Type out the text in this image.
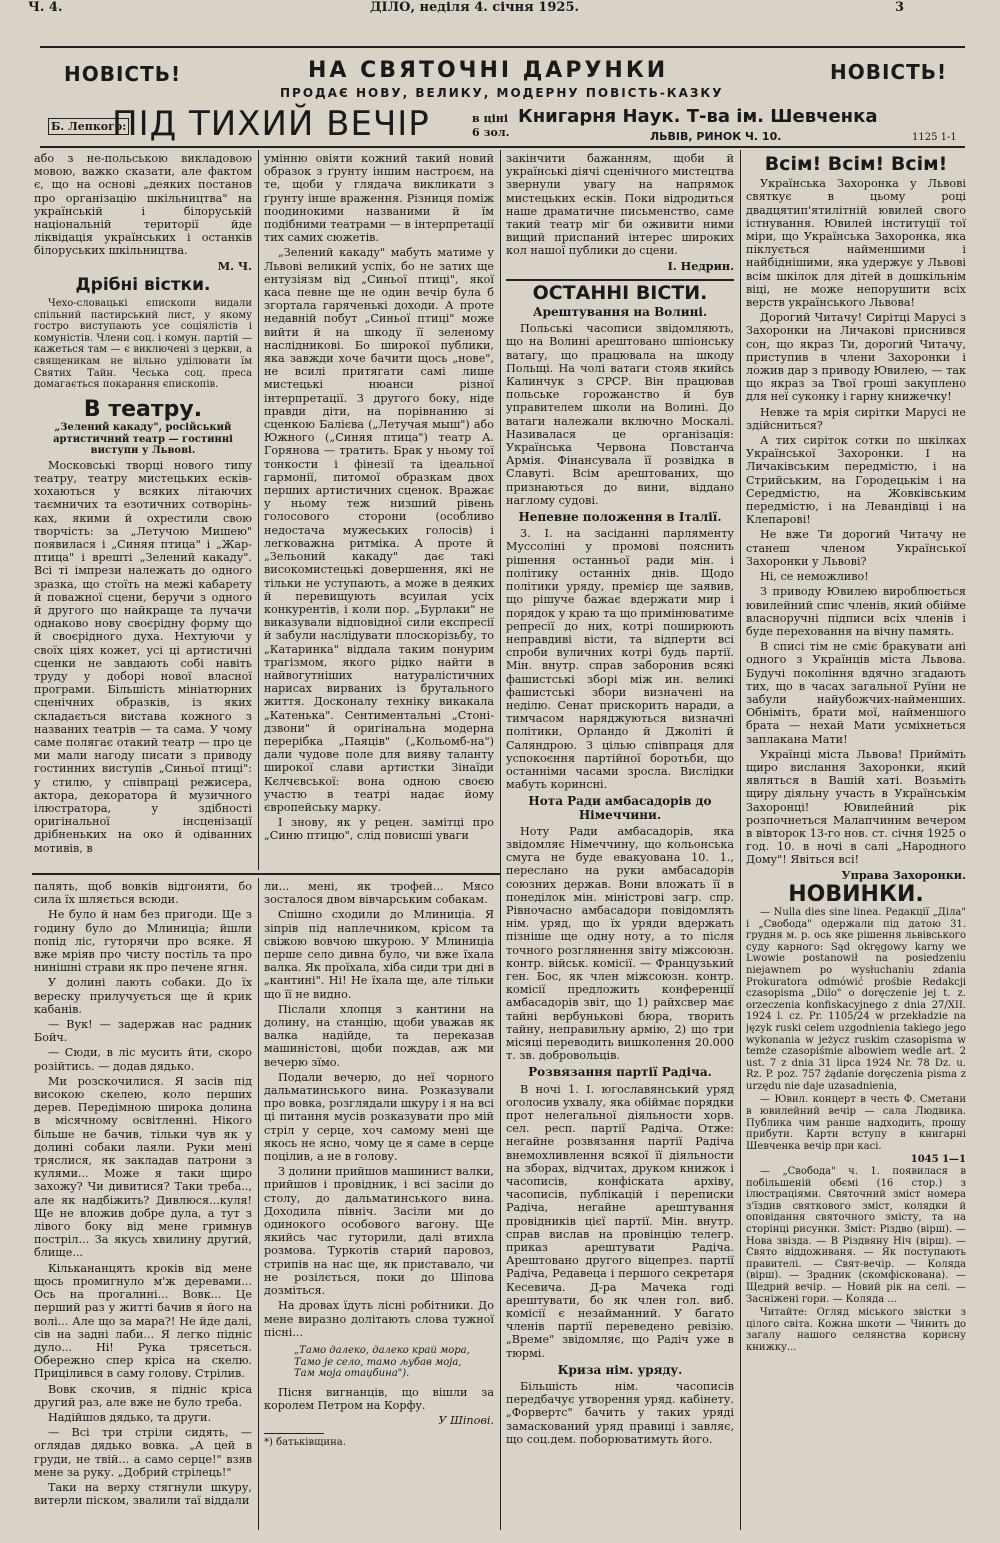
Ч. 4.	ДІЛО, неділя 4. січня 1925.	3
НОВІСТЬ!	НОВІСТЬ!
НА СВЯТОЧНІ ДАРУНКИ
ПРОДАЄ НОВУ, ВЕЛИКУ, МОДЕРНУ ПОВІСТЬ-КАЗКУ
Б. Лепкого:
ПІД ТИХИЙ ВЕЧІР	в ціні
6 зол.
Книгарня Наук. Т-ва ім. Шевченка
ЛЬВІВ, РИНОК Ч. 10.	1125 1-1

або з не-польською викладовою мовою, важко сказати, але фактом є, що на основі „деяких постанов про організацію шкільництва" на українській і білоруській національній території йде ліквідація українських і останків білоруських шкільництва.

М. Ч.
Дрібні вістки.

Чехо-словацькі єпископи видали спільний пастирський лист, у якому гостро виступають усе соціялістів і комуністів. Члени соц. і комун. партій — кажеться там — є виключені з церкви, а священикам не вільно уділювати їм Святих Тайн. Чеська соц. преса домагається покарання єпископів.

В театру.

„Зелений какаду", російський артистичний театр — гостинні виступи у Львові.

Московські творці нового типу театру, театру мистецьких есків-хохаються у всяких літаючих таємничих та езотичних сотворінь-ках, якими й охрестили свою творчість: за „Летучою Мишею" появилася і „Синяя птица" і „Жар-птица" і врешті „Зелений какаду". Всі ті імпрези належать до одного зразка, що стоїть на межі кабарету й поважної сцени, беручи з одного й другого що найкраще та лучачи однаково нову своєрідну форму що й своєрідного духа. Нехтуючи у своїх ціях кожет, усі ці артистичні сценки не завдають собі навіть труду у доборі нової власної програми. Більшість мініатюрних сценічних образків, із яких складається вистава кожного з названих театрів — та сама. У чому саме полягає отакий театр — про це ми мали нагоду писати з приводу гостинних виступів „Синьої птиці": у стилю, у співпраці режисера, актора, декоратора й музичного ілюстратора, у здібності оригінальної інсценізації дрібненьких на око й одіванних мотивів, в

умінню овіяти кожний такий новий образок з ґрунту іншим настроєм, на те, щоби у глядача викликати з ґрунту інше враження. Різниця поміж поодинокими названими й їм подібними театрами — в інтерпретації тих самих сюжетів.

„Зелений какаду" мабуть матиме у Львові великий успіх, бо не затих ще ентузіязм від „Синьої птиці", якої каса певне ще не один вечір була б згортала гаряченькі доходи. А проте недавній побут „Синьої птиці" може вийти й на шкоду її зеленому наслідникові. Бо широкої публики, яка завжди хоче бачити щось „нове", не всилі притягати самі лише мистецькі нюанси різної інтерпретації. З другого боку, ніде правди діти, на порівнанню зі сценкою Балієва („Летучая мыш") або Южного („Синяя птица") театр А. Горянова — тратить. Брак у ньому тої тонкости і фінезії та ідеальної гармонії, питомої образкам двох перших артистичних сценок. Вражає у ньому теж низший рівень голосового сторони (особливо недостача мужеських голосів) і легковажна ритміка. А проте й „Зельоний какаду" дає такі високомистецькі довершення, які не тільки не уступають, а може в деяких й перевищують всуилая усіх конкурентів, і коли пор. „Бурлаки" не виказували відповідної сили експресії й забули наслідувати плоскорізьбу, то „Катаринка" віддала таким понурим трагізмом, якого рідко найти в найвогутніших натуралістичних нарисах вирваних із брутального життя. Досконалу техніку викакала „Катенька". Сентиментальні „Стоні-дзвони" й оригінальна модерна перерібка „Паяців" („Кольомб-на") дали чудове поле для вияву таланту широкої слави артистки Зінаїди Кєлчєвської: вона одною своєю участю в театрі надає йому європейську марку.

І знову, як у рецен. замітці про „Синю птицю", слід повисші уваги

закінчити бажанням, щоби й українські діячі сценічного мистецтва звернули увагу на напрямок мистецьких есків. Поки відродиться наше драматичне письменство, саме такий театр міг би оживити ними вищий приспаний інтерес широких кол нашої публики до сцени.

І. Недрин.
ОСТАННІ ВІСТИ.
Арештування на Волині.

Польські часописи звідомляють, що на Волині арештовано шпіонську ватагу, що працювала на шкоду Польщі. На чолі ватаги стояв якийсь Калинчук з СРСР. Він працював польське горожанство й був управителем школи на Волині. До ватаги належали включно Москалі. Називалася це організація: Українська Червона Повстанча Армія. Фінансувала її розвідка в Славуті. Всім арештованих, що признаються до вини, віддано наглому судові.

Непевне положення в Італії.

3. І. на засіданні парляменту Муссоліні у промові пояснить рішення останньої ради мін. і політику останніх днів. Щодо політики уряду, премієр ще заявив, що рішуче бажає вдержати мир і порядок у краю та що примінюватиме репресії до них, котрі поширюють неправдиві вісти, та відперти всі спроби вуличних котрі будь партії. Мін. внутр. справ заборонив всякі фашистські зборі між ин. великі фашистські збори визначені на неділю. Сенат прискорить наради, а тимчасом наряджуються визначні політики, Орландо й Джоліті й Саляндрою. З цілью співпраця для успокоєння партійної боротьби, що останніми часами зросла. Вислідки мабуть коринсні.

Нота Ради амбасадорів до Німеччини.

Ноту Ради амбасадорів, яка звідомляє Німеччину, що кольонська смуга не буде евакуована 10. 1., переслано на руки амбасадорів союзних держав. Вони вложать її в понеділок мін. міністрові загр. спр. Рівночасно амбасадори повідомлять нім. уряд, що їх уряди вдержать пізніше ще одну ноту, а то після точного розглянення звіту міжсоюзн. контр. військ. комісії. — Французький ген. Бос, як член міжсоюзн. контр. комісії предложить конференції амбасадорів звіт, що 1) райхсвер має тайні вербунькові бюра, творить тайну, неправильну армію, 2) що три місяці переводить вишколення 20.000 т. зв. добровольців.

Розвязання партії Радіча.

В ночі 1. І. югославянський уряд оголосив ухвалу, яка обіймає порядки прот нелегальної діяльности хорв. сел. респ. партії Радіча. Отже: негайне розвязання партії Радіча внемохливлення всякої її діяльности на зборах, відчитах, друком книжок і часописів, конфіската архіву, часописів, публікацій і переписки Радіча, негайне арештування провідників цієї партії. Мін. внутр. справ вислав на провінцію телегр. приказ арештувати Радіча. Арештовано другого віцепрез. партії Радіча, Редавеца і першого секретаря Кесевича. Д-ра Мачека годі арештувати, бо як член гол. виб. комісії є незайманний. У багато членів партії переведено ревізію. „Време" звідомляє, що Радіч уже в тюрмі.

Криза нім. уряду.

Більшість нім. часописів передбачує утворення уряд. кабінету. „Форвертс" бачить у таких уряді замаскований уряд правиці і завляє, що соц.дем. поборюватимуть його.

Всім! Всім! Всім!

Українська Захоронка у Львові святкує в цьому році двадцятип'ятилітній ювилей свого істнування. Ювилей інституції тої міри, що Українська Захоронка, яка піклується найменшими і найбіднішими, яка удержує у Львові всім шкілок для дітей в дошкільнім віці, не може непорушити всіх верств українського Львова!

Дорогий Читачу! Сирітці Марусі з Захоронки на Личакові приснився сон, що якраз Ти, дорогий Читачу, приступив в члени Захоронки і ложив дар з приводу Ювилею, — так що якраз за Твої гроші закуплено для неї суконку і гарну книжечку!

Невже та мрія сирітки Марусі не здійсниться?

А тих сиріток сотки по шкілках Української Захоронки. І на Личаківським передмістю, і на Стрийським, на Городецькім і на Середмістю, на Жовківським передмістю, і на Левандівці і на Клепарові!

Не вже Ти дорогий Читачу не станеш членом Української Захоронки у Львові?

Ні, се неможливо!

З приводу Ювилею вироблюється ювилейний спис членів, який обійме власноручні підписи всіх членів і буде переховання на вічну память.

В списі тім не сміє бракувати ані одного з Українців міста Львова. Будучі покоління вдячно згадають тих, що в часах загальної Руїни не забули найубожчих-найменших. Обніміть, брати мої, найменшого брата — нехай Мати усміхнеться заплакана Мати!

Українці міста Львова! Прийміть щиро вислання Захоронки, який являться в Вашій хаті. Возьміть щиру діяльну участь в Українськім Захоронці! Ювилейний рік розпочнеться Малапчиним вечером в вівторок 13-го нов. ст. січня 1925 о год. 10. в ночі в салі „Народного Дому"! Явіться всі!

Управа Захоронки.
НОВИНКИ.

— Nulla dies sine linea. Редакції „Діла" і „Свобода" одержали під датою 31. грудня м. р. ось яке рішення львівського суду карного: Sąd okręgowy karny we Lwowie postanowił na posiedzeniu niejawnem po wysłuchaniu zdania Prokuratora odmówić prośbie Redakcji czasopisma „Dilo" o doręczenie jej t. z. orzeczenia konfiskacyjnego z dnia 27/XII. 1924 l. cz. Pr. 1105/24 w przekładzie na język ruski celem uzgodnienia takiego jego wykonania w jeżycz ruskim czasopisma w temże czasopiśmie albowiem wedle art. 2 ust. 7 z dnia 31 lipca 1924 Nr. 78 Dz. u. Rz. P. poz. 757 żądanie doręczenia pisma z urzędu nie daje uzasadnienia,

— Ювил. концерт в честь Ф. Сметани в ювилейний вечір — сала Людвика. Публика чим ранше надходить, прошу прибути. Карти вступу в книгарні Шевченка вечір при касі.

1045 1—1

— „Свобода" ч. 1. появилася в побільшеній обємі (16 стор.) з ілюстраціями. Святочний зміст номера з'їздив святкового зміст, колядки й оповідання святочного змісту, та на сторінці рисунки. Зміст: Різдво (вірш). — Нова звізда. — В Різдвяну Ніч (вірш). — Свято віддоживаня. — Як поступають правителі. — Свят-вечір. — Коляда (вірш). — Зрадник (скомфіскована). — Щедрий вечір. — Новий рік на селі. — Засніжені гори. — Коляда ...

Читайте: Огляд міського звістки з цілого світа. Кожна шкоти — Чинить до загалу нашого селянства корисну книжку...

палять, щоб вовків відгоняти, бо сила їх шляється всюди.

Не було й нам без пригоди. Ще з годину було до Млиниціа; йшли попід ліс, гуторячи про всяке. Я вже мріяв про чисту постіль та про нинішні страви як про печене ягня.

У долині лають собаки. До їх вереску прилучується ще й крик кабанів.

— Вук! — задержав нас радник Бойч.

— Сюди, в ліс мусить йти, скоро розійтись. — додав дядько.

Ми розскочилися. Я засів під високою скелею, коло перших дерев. Передімною широка долина в місячному освітленні. Нікого більше не бачив, тільки чув як у долині собаки лаяли. Руки мені тряслися, як закладав патрони з кулями... Може я таки щиро захожу? Чи дивитися? Таки треба.., але як надбіжить? Дивлюся...куля! Ще не вложив добре дула, а тут з лівого боку від мене гримнув постріл... За якусь хвилину другий, блище...

Кількананцять кроків від мене щось промигнуло м'ж деревами... Ось на прогалині... Вовк... Це перший раз у житті бачив я його на волі... Але що за мара?! Не йде далі, сів на задні лаби... Я легко підніс дуло... Ні! Рука трясеться. Обережно спер кріса на скелю. Прицілився в саму голову. Стрілив.

Вовк скочив, я підніс кріса другий раз, але вже не було треба.

Надійшов дядько, та други.

— Всі три стріли сидять, — оглядав дядько вовка. „А цей в груди, не твій... а само серце!" взяв мене за руку. „Добрий стрілець!"

Таки на верху стягнули шкуру, витерли піском, звалили таї віддали

ли... мені, як трофей... Мясо зосталося двом вівчарським собакам.

Спішно сходили до Млиниціа. Я зіпрів під наплечником, крісом та свіжою вовчою шкурою. У Млиниціа перше село дивна було, чи вже їхала валка. Як проїхала, хіба сиди три дні в „кантині". Ні! Не їхала ще, але тільки що її не видно.

Післали хлопця з кантини на долину, на станцію, щоби уважав як валка надійде, та переказав машиністові, щоби пождав, аж ми вечерю зїмо.

Подали вечерю, до неї чорного дальматинського вина. Розказували про вовка, розглядали шкуру і я на всі ці питання мусів розказувати про мій стріл у серце, хоч самому мені ще якось не ясно, чому це я саме в серце поцілив, а не в голову.

З долини прийшов машинист валки, прийшов і провідник, і всі засіли до столу, до дальматинського вина. Доходила північ. Засіли ми до одинокого особового вагону. Ще якийсь час гуторили, далі втихла розмова. Туркотів старий паровоз, стрипів на нас ще, як приставало, чи не розілється, поки до Шіпова дозміться.

На дровах їдуть лісні робітники. До мене виразно долітають слова тужної пісні...

„Тамо далеко, далеко край мора,
Тамо је село, тамо љубав моја,
Там моја отаџбина").

Пісня вигнанців, що вішли за королем Петром на Корфу.

У Шіпові.
*) батьківщина.
